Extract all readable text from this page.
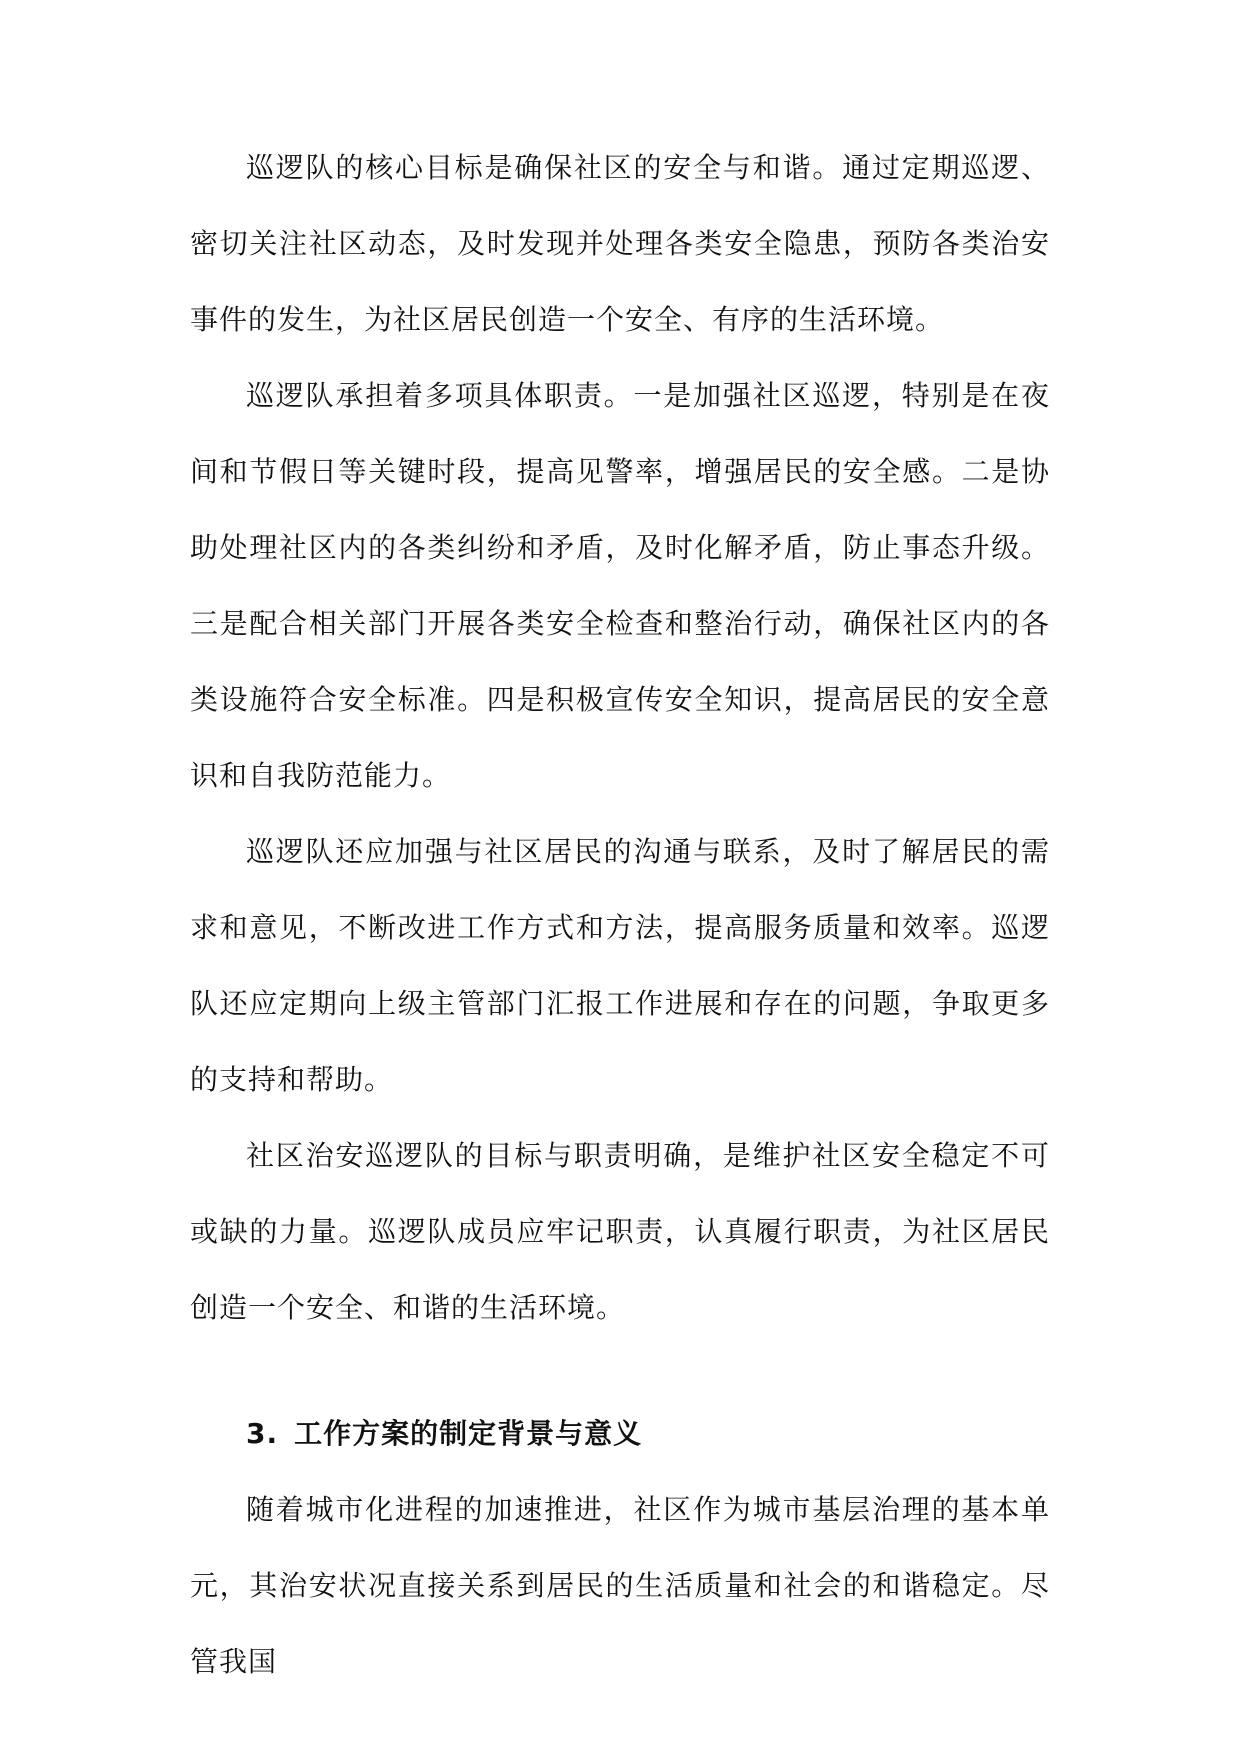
巡逻队的核心目标是确保社区的安全与和谐。通过定期巡逻、密切关注社区动态，及时发现并处理各类安全隐患，预防各类治安事件的发生，为社区居民创造一个安全、有序的生活环境。

巡逻队承担着多项具体职责。一是加强社区巡逻，特别是在夜间和节假日等关键时段，提高见警率，增强居民的安全感。二是协助处理社区内的各类纠纷和矛盾，及时化解矛盾，防止事态升级。三是配合相关部门开展各类安全检查和整治行动，确保社区内的各类设施符合安全标准。四是积极宣传安全知识，提高居民的安全意识和自我防范能力。

巡逻队还应加强与社区居民的沟通与联系，及时了解居民的需求和意见，不断改进工作方式和方法，提高服务质量和效率。巡逻队还应定期向上级主管部门汇报工作进展和存在的问题，争取更多的支持和帮助。

社区治安巡逻队的目标与职责明确，是维护社区安全稳定不可或缺的力量。巡逻队成员应牢记职责，认真履行职责，为社区居民创造一个安全、和谐的生活环境。

3. 工作方案的制定背景与意义

随着城市化进程的加速推进，社区作为城市基层治理的基本单元，其治安状况直接关系到居民的生活质量和社会的和谐稳定。尽管我国
